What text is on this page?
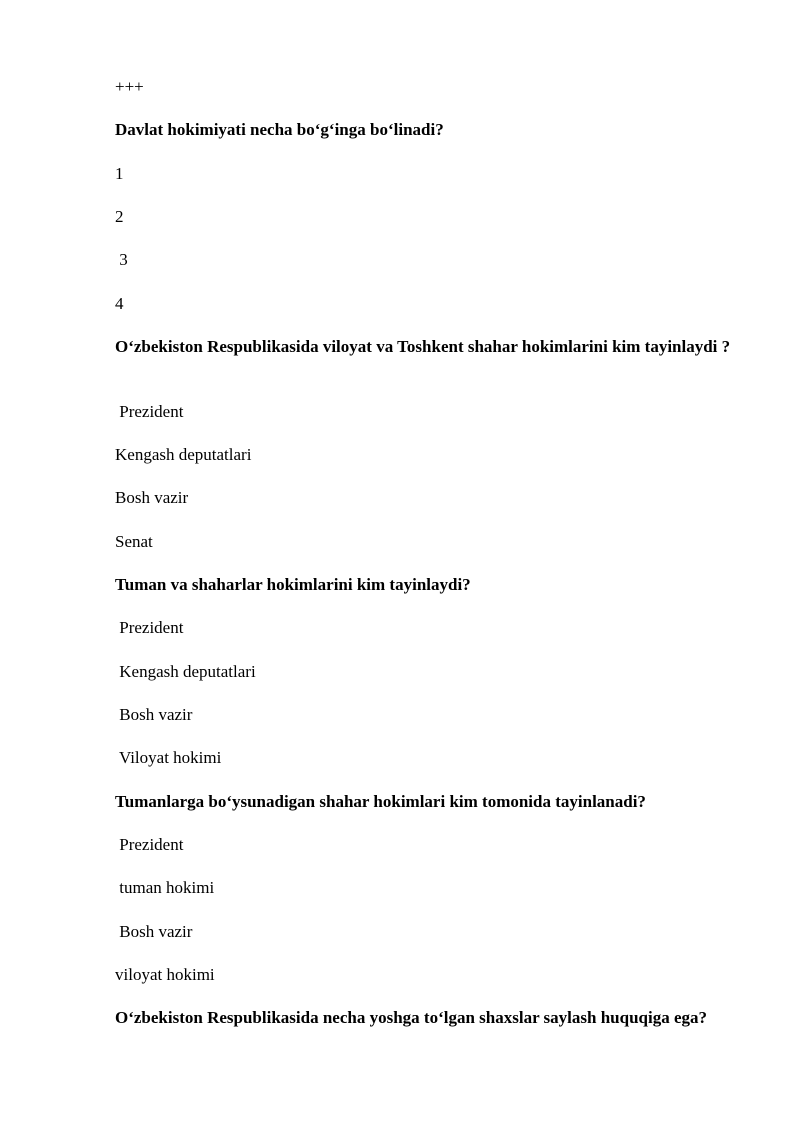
+++

Davlat hokimiyati necha bo‘g‘inga bo‘linadi?

1

2

3

4

O‘zbekiston Respublikasida viloyat va Toshkent shahar hokimlarini kim tayinlaydi ?

Prezident

Kengash deputatlari

Bosh vazir

Senat

Tuman va shaharlar hokimlarini kim tayinlaydi?

Prezident

Kengash deputatlari

Bosh vazir

Viloyat hokimi

Tumanlarga bo‘ysunadigan shahar hokimlari kim tomonida tayinlanadi?

Prezident

tuman hokimi

Bosh vazir

viloyat hokimi

O‘zbekiston Respublikasida necha yoshga to‘lgan shaxslar saylash huquqiga ega?
